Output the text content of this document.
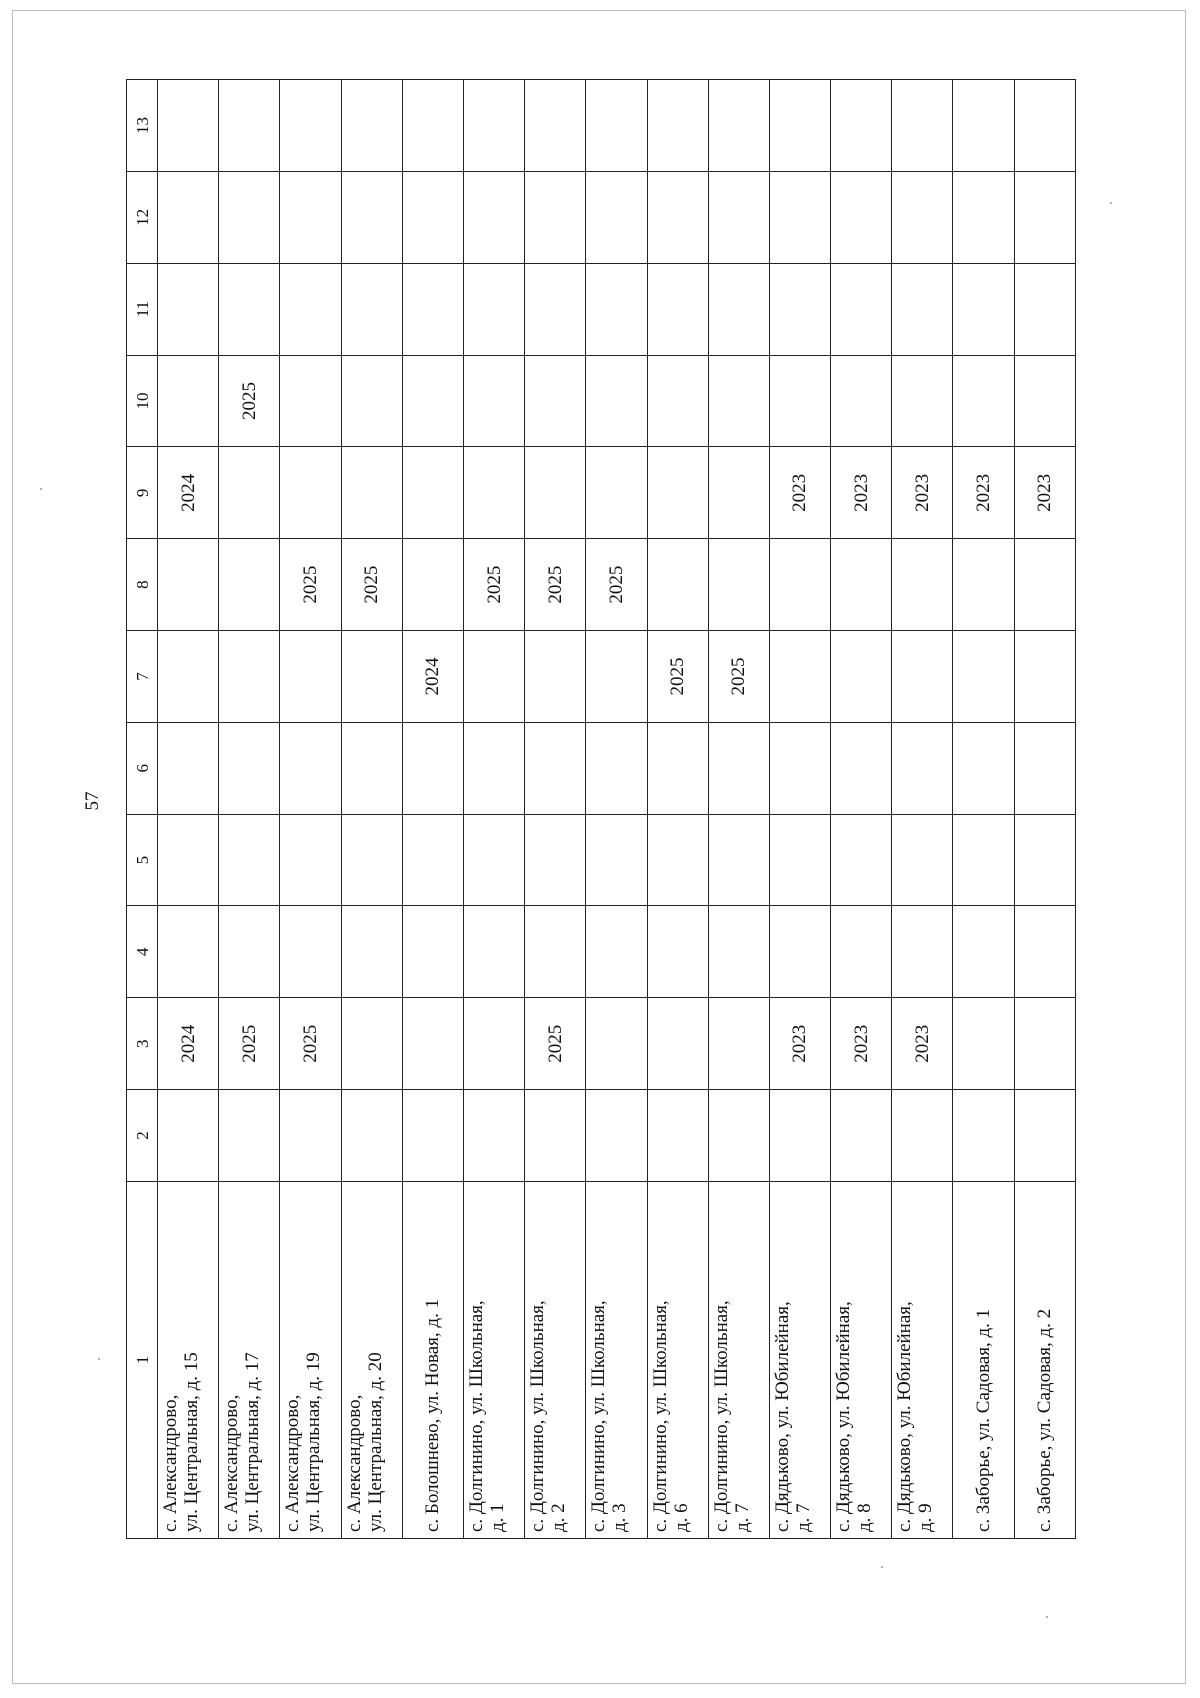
57
1	2	3	4	5	6	7	8	9	10	11	12	13

с. Александрово, ул. Центральная, д. 15		2024						2024				

с. Александрово, ул. Центральная, д. 17		2025							2025			

с. Александрово, ул. Центральная, д. 19		2025					2025					

с. Александрово, ул. Центральная, д. 20							2025					

с. Болошнево, ул. Новая, д. 1						2024						

с. Долгинино, ул. Школьная, д. 1							2025					

с. Долгинино, ул. Школьная, д. 2		2025					2025					

с. Долгинино, ул. Школьная, д. 3							2025					

с. Долгинино, ул. Школьная, д. 6						2025						

с. Долгинино, ул. Школьная, д. 7						2025						

с. Дядьково, ул. Юбилейная, д. 7		2023						2023				

с. Дядьково, ул. Юбилейная, д. 8		2023						2023				

с. Дядьково, ул. Юбилейная, д. 9		2023						2023				

с. Заборье, ул. Садовая, д. 1								2023				

с. Заборье, ул. Садовая, д. 2								2023				
